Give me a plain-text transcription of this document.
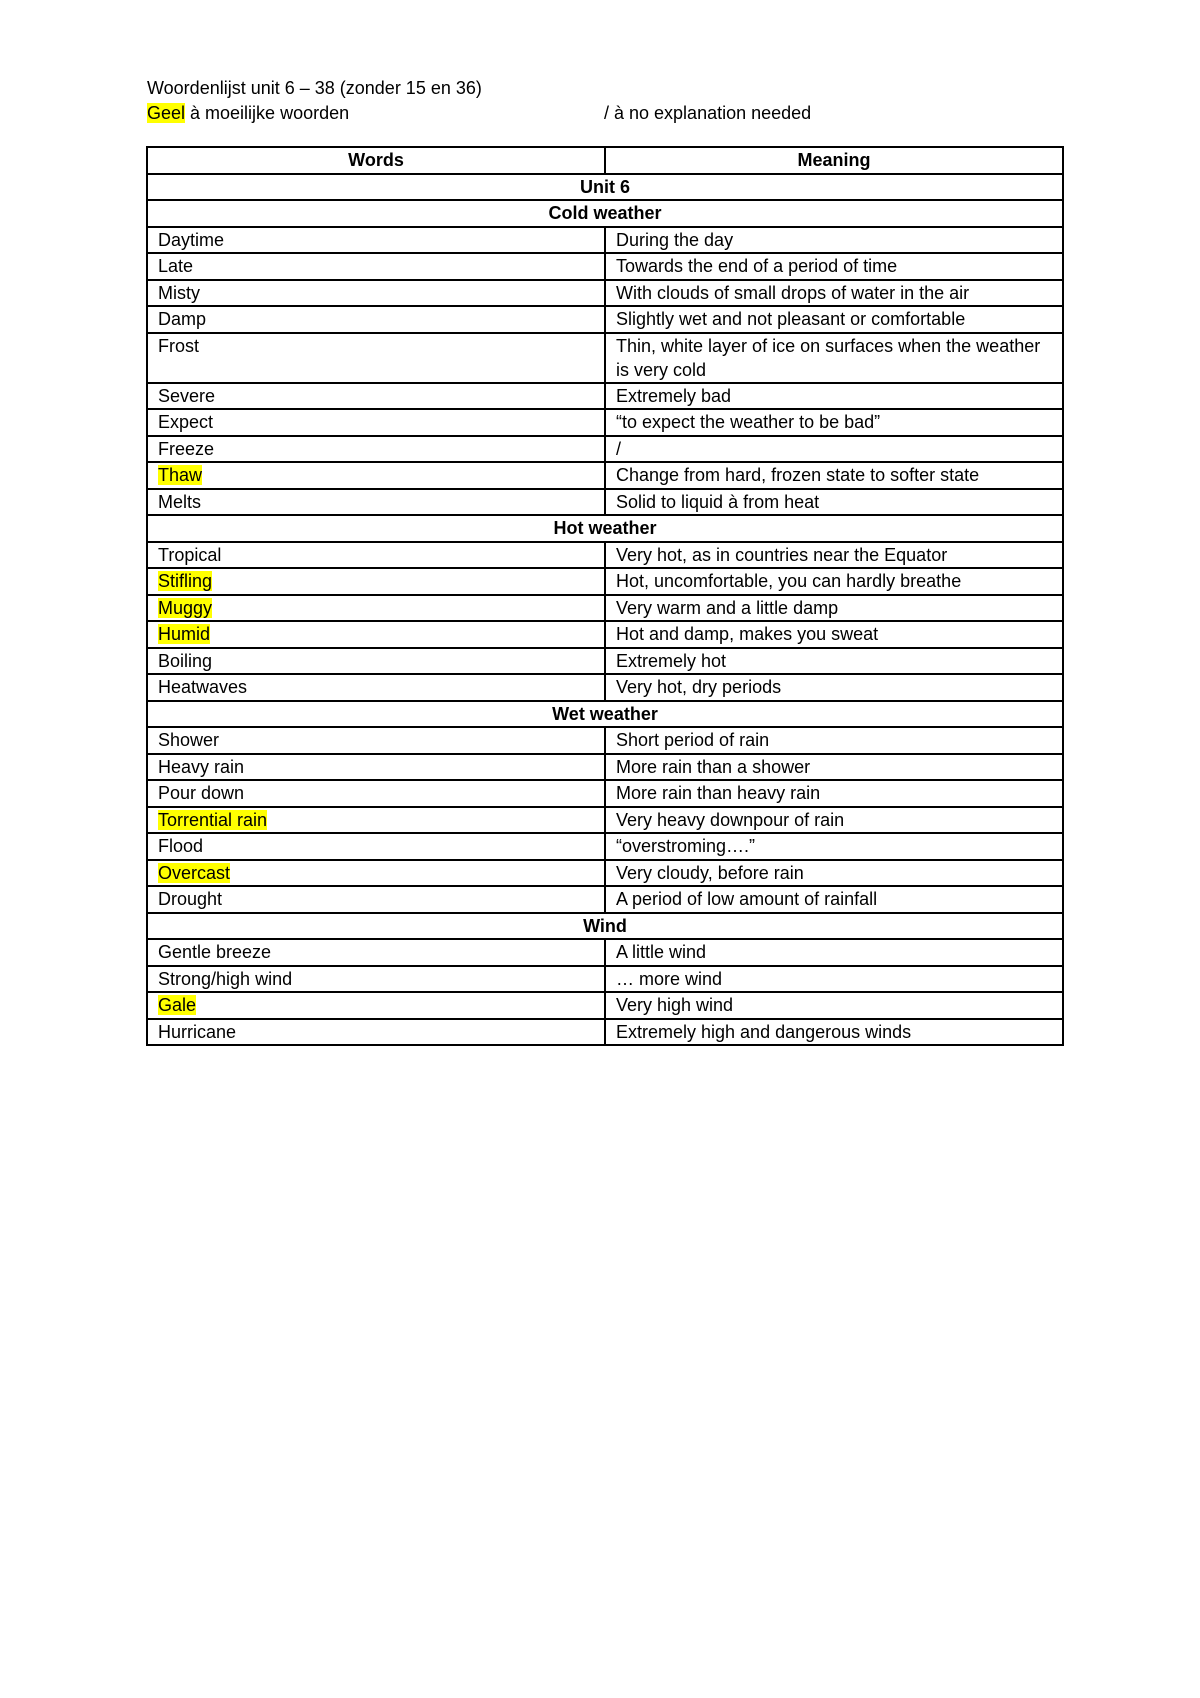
Woordenlijst unit 6 – 38 (zonder 15 en 36)
Geel à moeilijke woorden	/ à no explanation needed
Words	Meaning
Unit 6	
Cold weather	
Daytime	During the day
Late	Towards the end of a period of time
Misty	With clouds of small drops of water in the air
Damp	Slightly wet and not pleasant or comfortable
Frost	Thin, white layer of ice on surfaces when the weather is very cold
Severe	Extremely bad
Expect	“to expect the weather to be bad”
Freeze	/
Thaw	Change from hard, frozen state to softer state
Melts	Solid to liquid à from heat
Hot weather	
Tropical	Very hot, as in countries near the Equator
Stifling	Hot, uncomfortable, you can hardly breathe
Muggy	Very warm and a little damp
Humid	Hot and damp, makes you sweat
Boiling	Extremely hot
Heatwaves	Very hot, dry periods
Wet weather	
Shower	Short period of rain
Heavy rain	More rain than a shower
Pour down	More rain than heavy rain
Torrential rain	Very heavy downpour of rain
Flood	“overstroming….”
Overcast	Very cloudy, before rain
Drought	A period of low amount of rainfall
Wind	
Gentle breeze	A little wind
Strong/high wind	… more wind
Gale	Very high wind
Hurricane	Extremely high and dangerous winds
